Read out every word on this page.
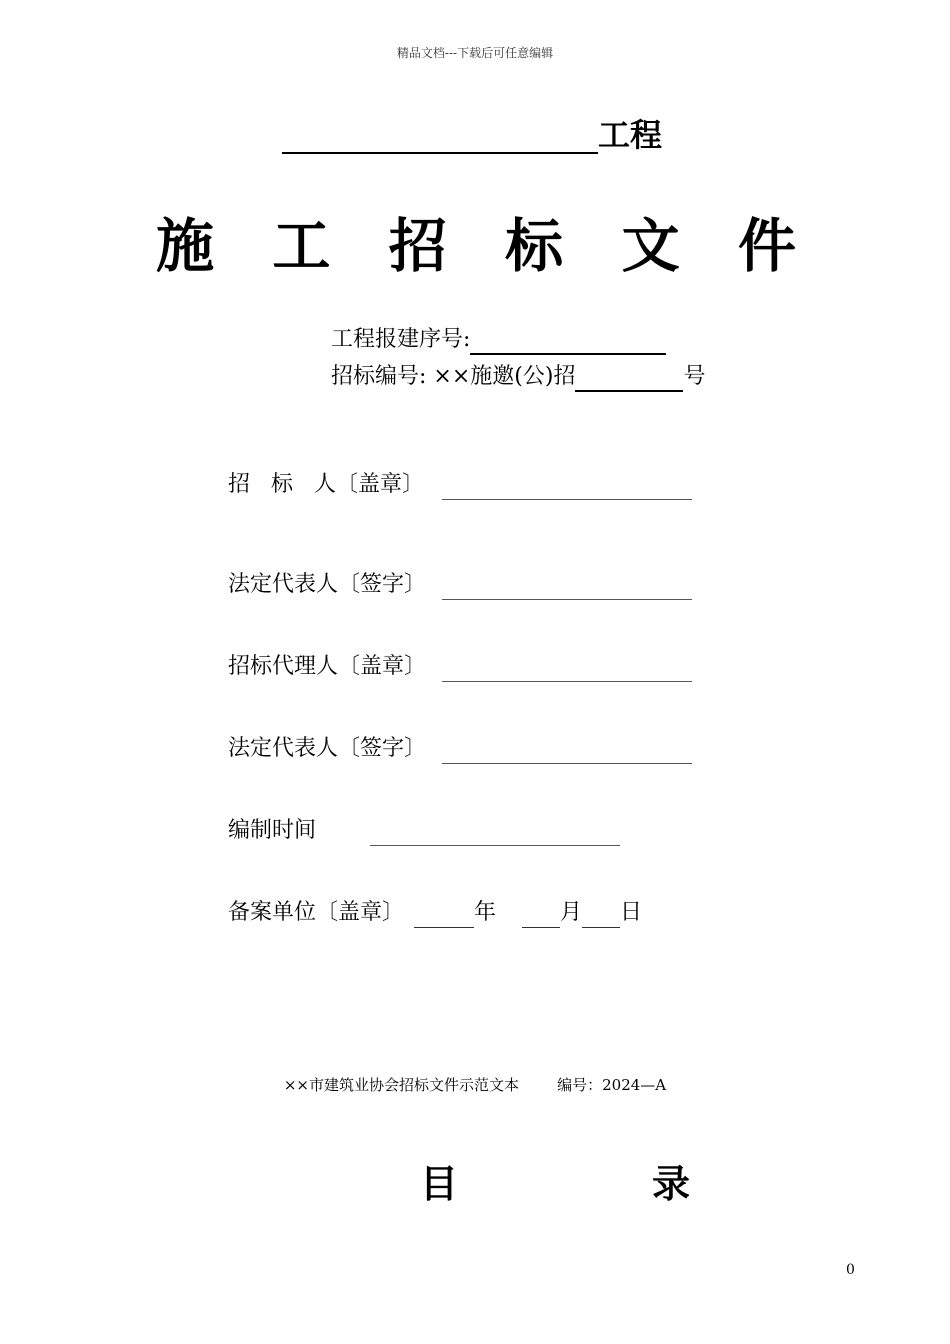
精品文档---下载后可任意编辑
工程
施 工 招 标 文 件
工程报建序号:
招标编号: ××施邀(公)招	号
招   标   人〔盖章〕
法定代表人〔签字〕
招标代理人〔盖章〕
法定代表人〔签字〕
编制时间
备案单位〔盖章〕	年	月 日
××市建筑业协会招标文件示范文本        编号：2024—A
目	录
0
